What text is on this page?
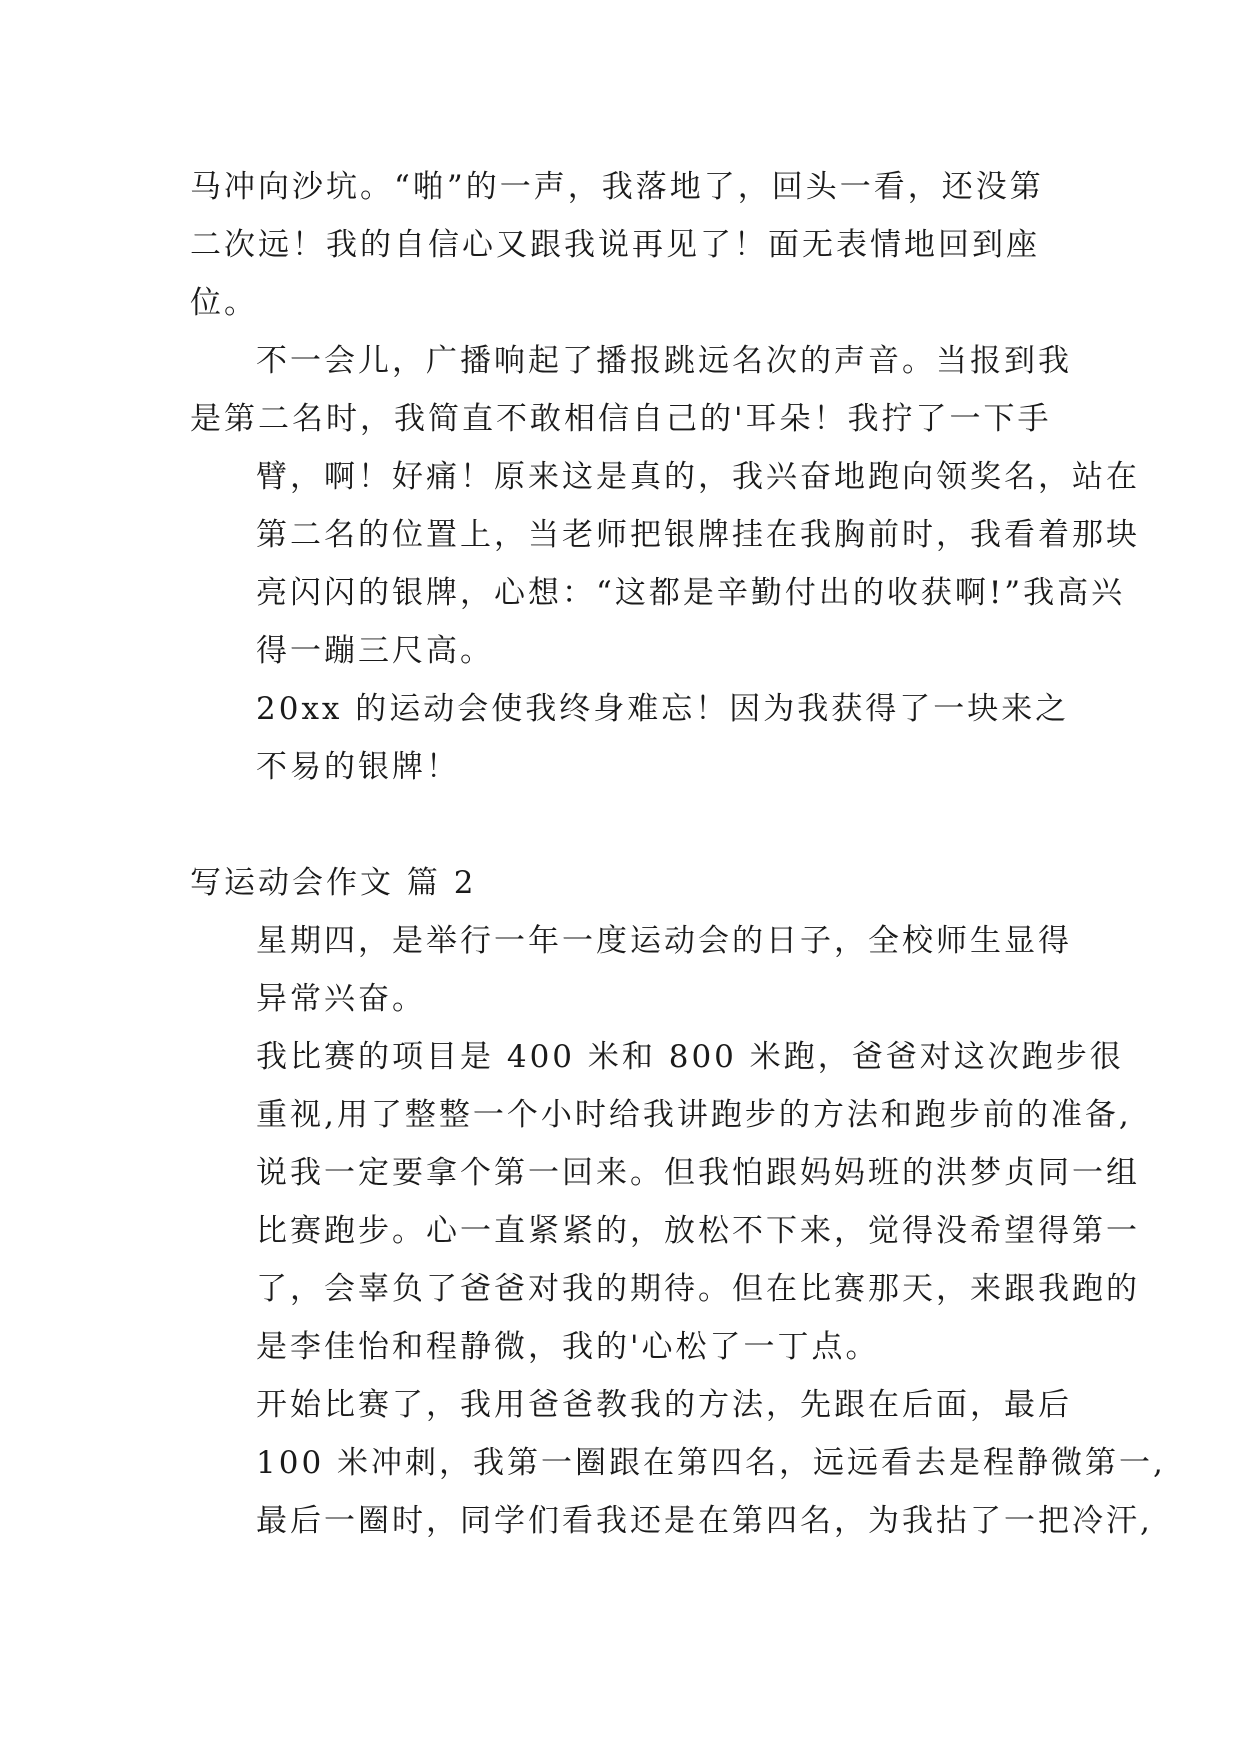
马冲向沙坑。“啪”的一声，我落地了，回头一看，还没第
二次远！我的自信心又跟我说再见了！面无表情地回到座
位。

不一会儿，广播响起了播报跳远名次的声音。当报到我

是第二名时，我简直不敢相信自己的'耳朵！我拧了一下手
臂，啊！好痛！原来这是真的，我兴奋地跑向领奖名，站在
第二名的位置上，当老师把银牌挂在我胸前时，我看着那块
亮闪闪的银牌，心想：“这都是辛勤付出的收获啊!”我高兴
得一蹦三尺高。

20xx 的运动会使我终身难忘！因为我获得了一块来之

不易的银牌！

写运动会作文 篇 2

星期四，是举行一年一度运动会的日子，全校师生显得

异常兴奋。

我比赛的项目是 400 米和 800 米跑，爸爸对这次跑步很

重视,用了整整一个小时给我讲跑步的方法和跑步前的准备,
说我一定要拿个第一回来。但我怕跟妈妈班的洪梦贞同一组
比赛跑步。心一直紧紧的，放松不下来，觉得没希望得第一
了，会辜负了爸爸对我的期待。但在比赛那天，来跟我跑的
是李佳怡和程静微，我的'心松了一丁点。

开始比赛了，我用爸爸教我的方法，先跟在后面，最后

100 米冲刺，我第一圈跟在第四名，远远看去是程静微第一,
最后一圈时，同学们看我还是在第四名，为我拈了一把冷汗,
